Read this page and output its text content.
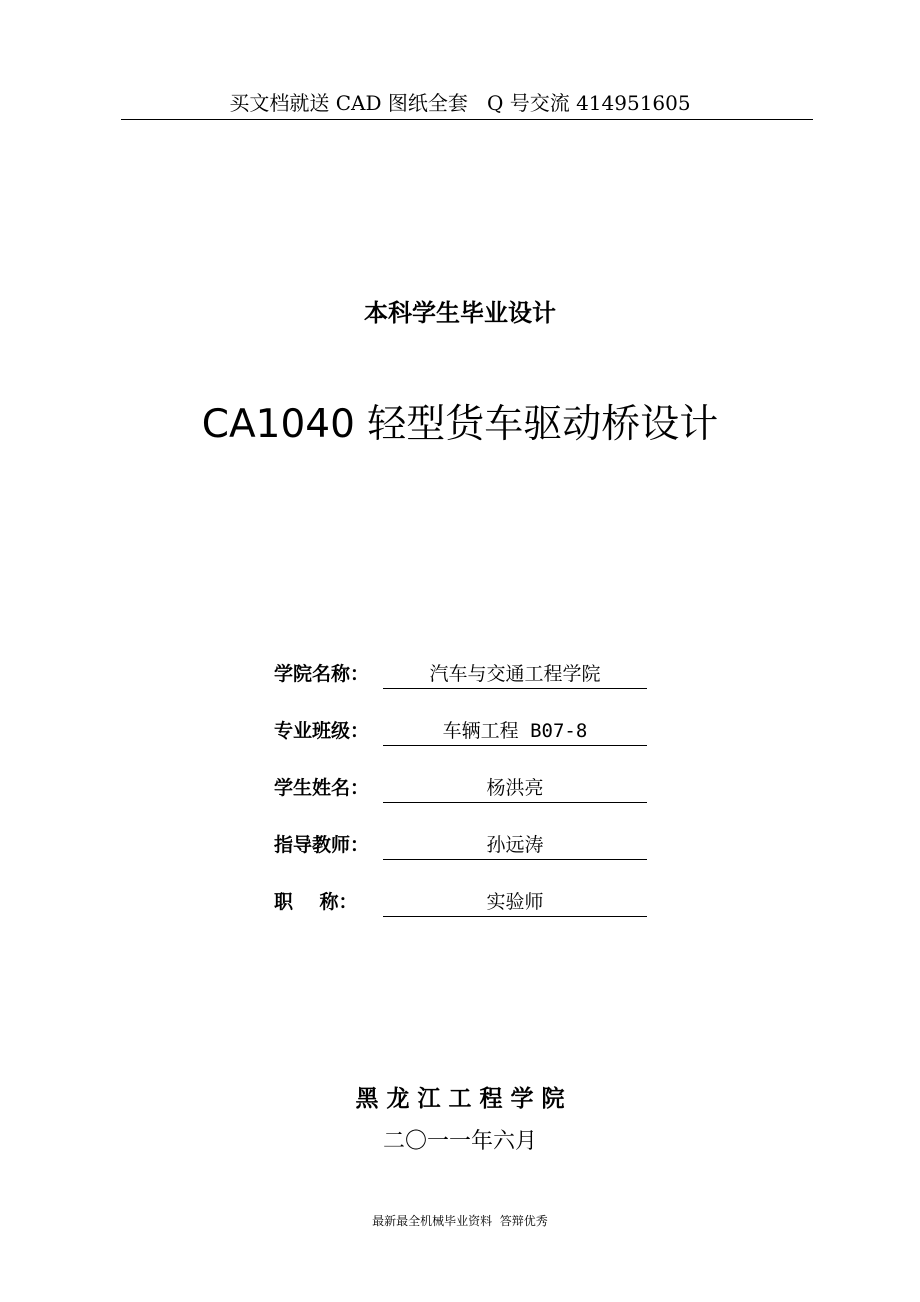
买文档就送 CAD 图纸全套   Q 号交流 414951605
本科学生毕业设计
CA1040 轻型货车驱动桥设计
学院名称：	汽车与交通工程学院
专业班级：	车辆工程 B07-8
学生姓名：	杨洪亮
指导教师：	孙远涛
职    称：	实验师
黑 龙 江 工 程 学 院
二〇一一年六月
最新最全机械毕业资料  答辩优秀
